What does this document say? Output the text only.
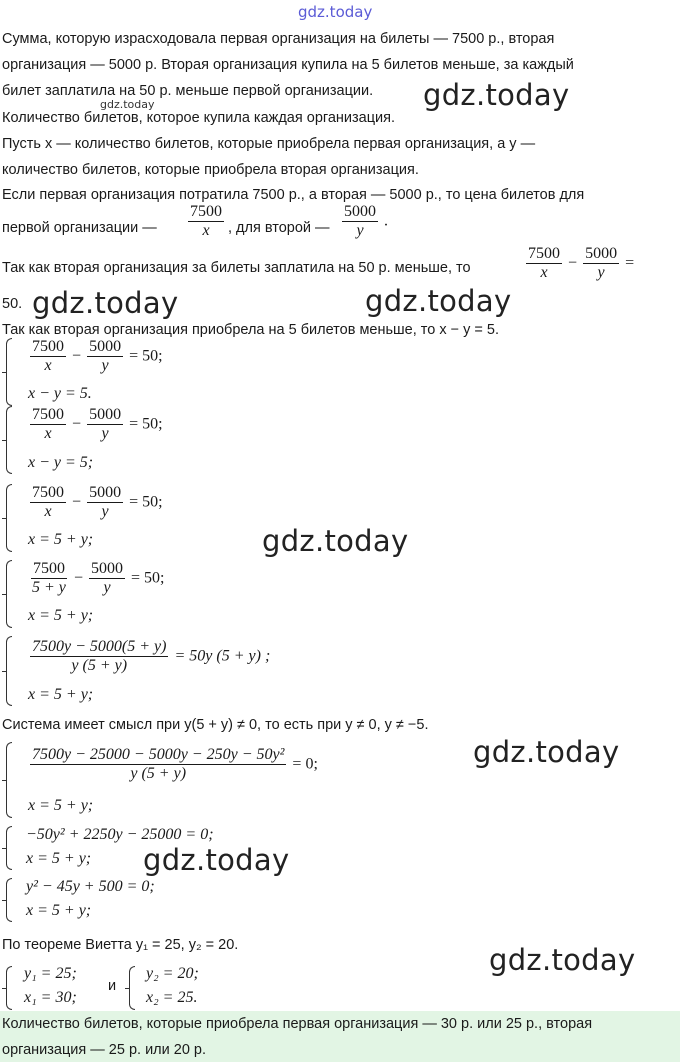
gdz.today
Сумма, которую израсходовала первая организация на билеты — 7500 р., вторая
организация — 5000 р. Вторая организация купила на 5 билетов меньше, за каждый
билет заплатила на 50 р. меньше первой организации.
gdz.today	gdz.today
Количество билетов, которое купила каждая организация.
Пусть x — количество билетов, которые приобрела первая организация, а y —
количество билетов, которые приобрела вторая организация.
Если первая организация потратила 7500 р., а вторая — 5000 р., то цена билетов для
первой организации — $\frac{7500}{x}$ , для второй — $\frac{5000}{y}$ .
Так как вторая организация за билеты заплатила на 50 р. меньше, то	$\frac{7500}{x} - \frac{5000}{y}$ =
50. gdz.today	gdz.today
Так как вторая организация приобрела на 5 билетов меньше, то x − y = 5.
$\frac{7500}{x} - \frac{5000}{y} = 50$;
x − y = 5.
$\frac{7500}{x} - \frac{5000}{y} = 50$;
x − y = 5;
$\frac{7500}{x} - \frac{5000}{y} = 50$;
x = 5 + y;	gdz.today
$\frac{7500}{5 + y} - \frac{5000}{y} = 50$;
x = 5 + y;
$\frac{7500y - 5000(5 + y)}{y (5 + y)} = 50y$ (5 + y) ;
x = 5 + y;
Система имеет смысл при y(5 + y) ≠ 0, то есть при y ≠ 0, y ≠ −5.
$\frac{\text{7500y − 25000 − 5000y − 250y − 50y²}}{y (5 + y)} = 0$;	gdz.today
x = 5 + y;
−50y² + 2250y − 25000 = 0;
gdz.today
x = 5 + y;
y² − 45y + 500 = 0;
x = 5 + y;
По теореме Виетта y₁ = 25, y₂ = 20.	gdz.today
y₁ = 25;
x₁ = 30;
и
y₂ = 20;
x₂ = 25.
Количество билетов, которые приобрела первая организация — 30 р. или 25 р., вторая
организация — 25 р. или 20 р.
